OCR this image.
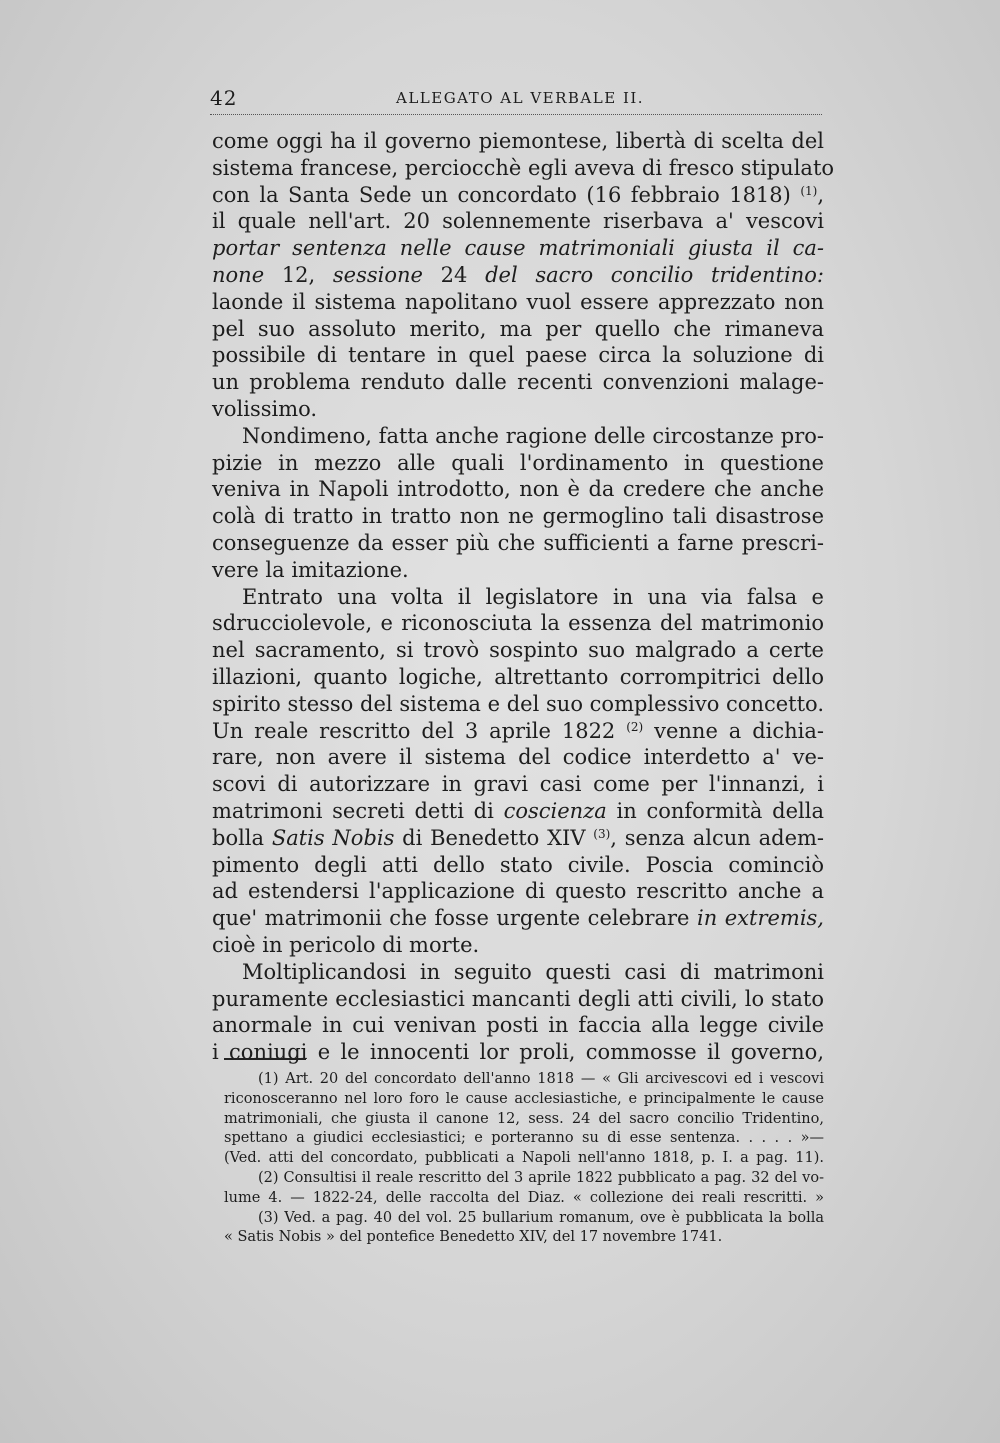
42	ALLEGATO AL VERBALE II.
come oggi ha il governo piemontese, libertà di scelta del
sistema francese, perciocchè egli aveva di fresco stipulato
con la Santa Sede un concordato (16 febbraio 1818) $^{(1)}$,
il quale nell'art. 20 solennemente riserbava a' vescovi
portar sentenza nelle cause matrimoniali giusta il ca-
none 12, sessione 24 del sacro concilio tridentino:
laonde il sistema napolitano vuol essere apprezzato non
pel suo assoluto merito, ma per quello che rimaneva
possibile di tentare in quel paese circa la soluzione di
un problema renduto dalle recenti convenzioni malage-
volissimo.
Nondimeno, fatta anche ragione delle circostanze pro-
pizie in mezzo alle quali l'ordinamento in questione
veniva in Napoli introdotto, non è da credere che anche
colà di tratto in tratto non ne germoglino tali disastrose
conseguenze da esser più che sufficienti a farne prescri-
vere la imitazione.
Entrato una volta il legislatore in una via falsa e
sdrucciolevole, e riconosciuta la essenza del matrimonio
nel sacramento, si trovò sospinto suo malgrado a certe
illazioni, quanto logiche, altrettanto corrompitrici dello
spirito stesso del sistema e del suo complessivo concetto.
Un reale rescritto del 3 aprile 1822 $^{(2)}$ venne a dichia-
rare, non avere il sistema del codice interdetto a' ve-
scovi di autorizzare in gravi casi come per l'innanzi, i
matrimoni secreti detti di coscienza in conformità della
bolla Satis Nobis di Benedetto XIV $^{(3)}$, senza alcun adem-
pimento degli atti dello stato civile. Poscia cominciò
ad estendersi l'applicazione di questo rescritto anche a
que' matrimonii che fosse urgente celebrare in extremis,
cioè in pericolo di morte.
Moltiplicandosi in seguito questi casi di matrimoni
puramente ecclesiastici mancanti degli atti civili, lo stato
anormale in cui venivan posti in faccia alla legge civile
i coniugi e le innocenti lor proli, commosse il governo,
(1) Art. 20 del concordato dell'anno 1818 — « Gli arcivescovi ed i vescovi
riconosceranno nel loro foro le cause acclesiastiche, e principalmente le cause
matrimoniali, che giusta il canone 12, sess. 24 del sacro concilio Tridentino,
spettano a giudici ecclesiastici; e porteranno su di esse sentenza. . . . . »—
(Ved. atti del concordato, pubblicati a Napoli nell'anno 1818, p. I. a pag. 11).
(2) Consultisi il reale rescritto del 3 aprile 1822 pubblicato a pag. 32 del vo-
lume 4. — 1822-24, delle raccolta del Diaz. « collezione dei reali rescritti. »
(3) Ved. a pag. 40 del vol. 25 bullarium romanum, ove è pubblicata la bolla
« Satis Nobis » del pontefice Benedetto XIV, del 17 novembre 1741.
